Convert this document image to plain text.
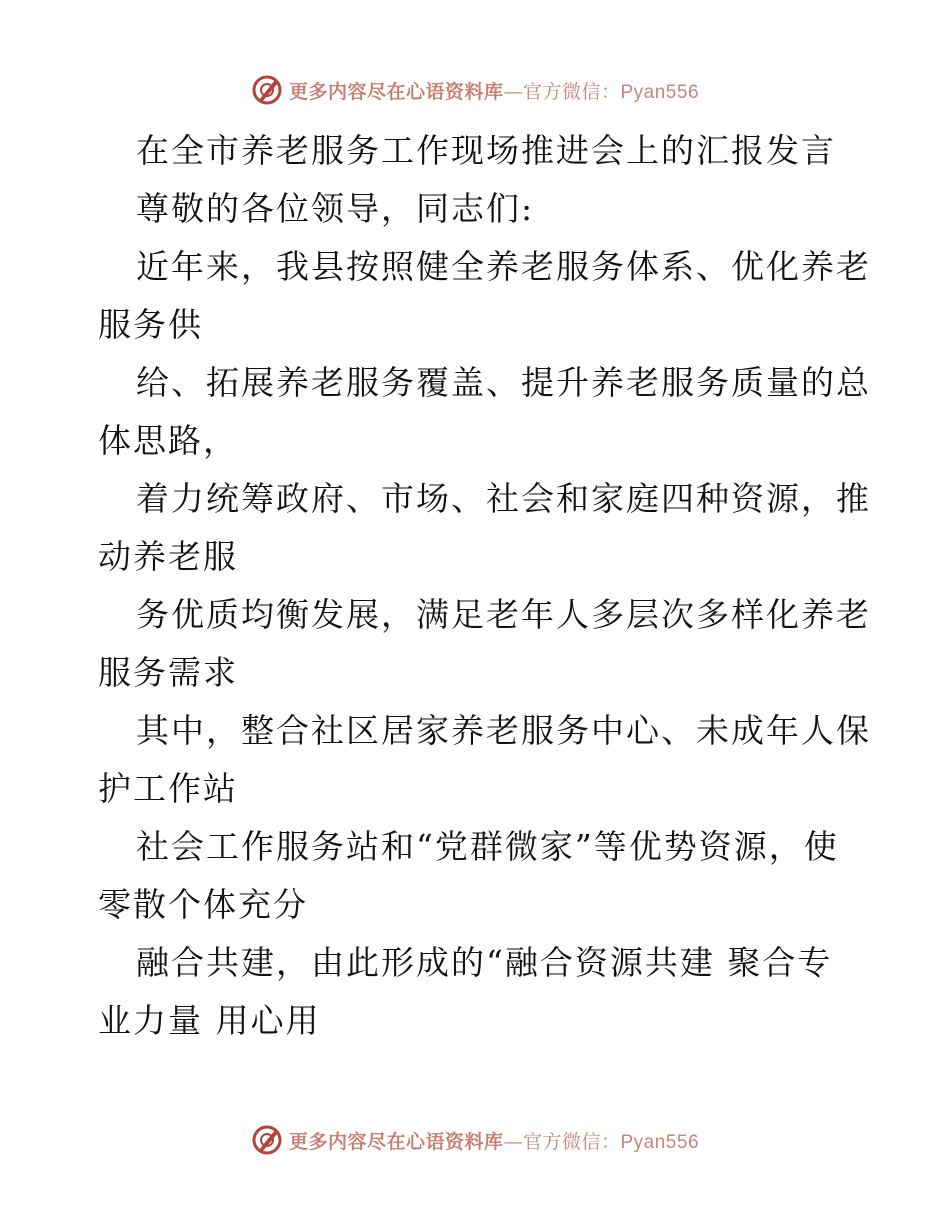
更多内容尽在心语资料库—官方微信：Pyan556
在全市养老服务工作现场推进会上的汇报发言
尊敬的各位领导，同志们:
近年来，我县按照健全养老服务体系、优化养老
服务供
给、拓展养老服务覆盖、提升养老服务质量的总
体思路，
着力统筹政府、市场、社会和家庭四种资源，推
动养老服
务优质均衡发展，满足老年人多层次多样化养老
服务需求
其中，整合社区居家养老服务中心、未成年人保
护工作站
社会工作服务站和“党群微家”等优势资源，使
零散个体充分
融合共建，由此形成的“融合资源共建 聚合专
业力量 用心用
更多内容尽在心语资料库—官方微信：Pyan556
